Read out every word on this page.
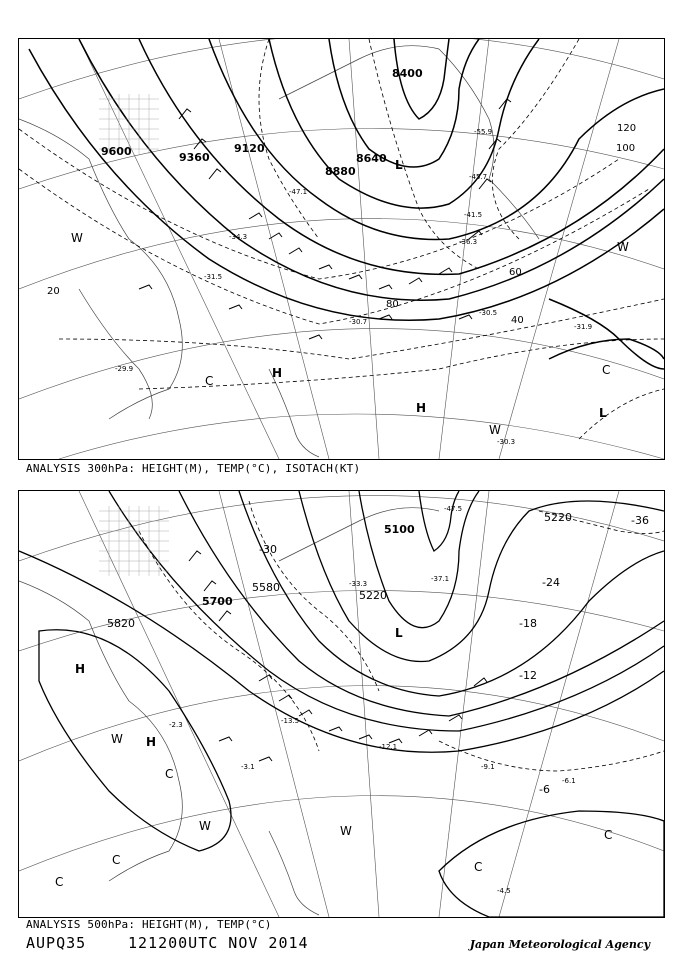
9600	9360
9120
8880
8640
8400
120
100
80
60
40
20
-55.9
-47.1
-45.7
-41.5
-36.3
-34.3
-31.5
-30.7
-30.5
-31.9
-29.9
-30.3
H
H
L
L
C
C
W
W
W
ANALYSIS 300hPa: HEIGHT(M), TEMP(°C), ISOTACH(KT)
5820
5700
5580
5220
5100
5220
-30
-24
-18
-12
-6
-36
-47.5
-37.1
-33.3
-13.5
-12.1
-9.1
-6.1
-4.5
-3.1
-2.3
H
H
L
C
C
C
C
C
W
W	W
ANALYSIS 500hPa: HEIGHT(M), TEMP(°C)
AUPQ35	121200UTC NOV 2014	Japan Meteorological Agency
